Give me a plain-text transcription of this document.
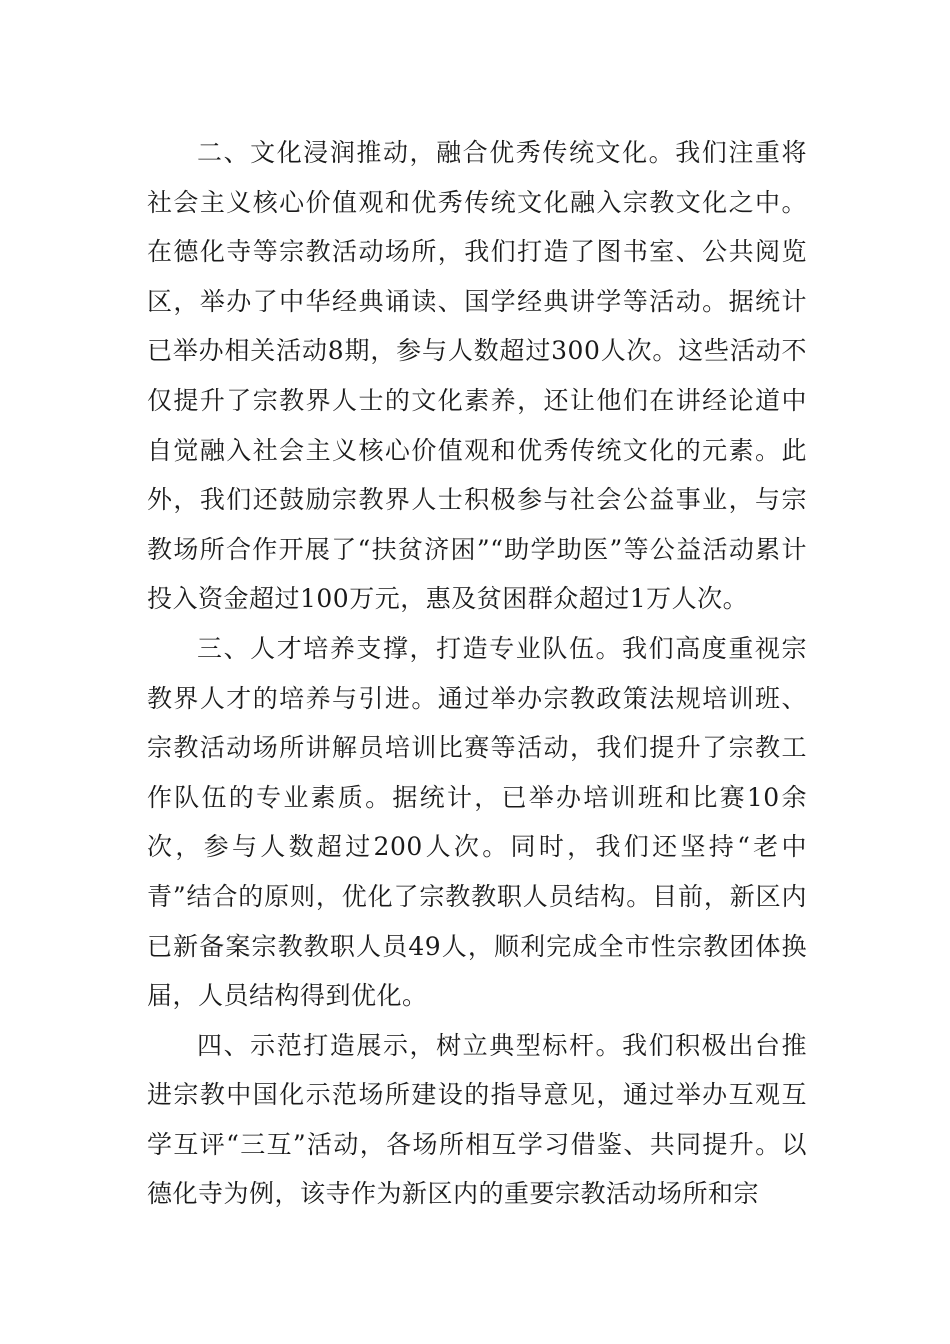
二、文化浸润推动，融合优秀传统文化。我们注重将社会主义核心价值观和优秀传统文化融入宗教文化之中。在德化寺等宗教活动场所，我们打造了图书室、公共阅览区，举办了中华经典诵读、国学经典讲学等活动。据统计已举办相关活动8期，参与人数超过300人次。这些活动不仅提升了宗教界人士的文化素养，还让他们在讲经论道中自觉融入社会主义核心价值观和优秀传统文化的元素。此外，我们还鼓励宗教界人士积极参与社会公益事业，与宗教场所合作开展了“扶贫济困”“助学助医”等公益活动累计投入资金超过100万元，惠及贫困群众超过1万人次。

三、人才培养支撑，打造专业队伍。我们高度重视宗教界人才的培养与引进。通过举办宗教政策法规培训班、宗教活动场所讲解员培训比赛等活动，我们提升了宗教工作队伍的专业素质。据统计，已举办培训班和比赛10余次，参与人数超过200人次。同时，我们还坚持“老中青”结合的原则，优化了宗教教职人员结构。目前，新区内已新备案宗教教职人员49人，顺利完成全市性宗教团体换届，人员结构得到优化。

四、示范打造展示，树立典型标杆。我们积极出台推进宗教中国化示范场所建设的指导意见，通过举办互观互学互评“三互”活动，各场所相互学习借鉴、共同提升。以德化寺为例，该寺作为新区内的重要宗教活动场所和宗
